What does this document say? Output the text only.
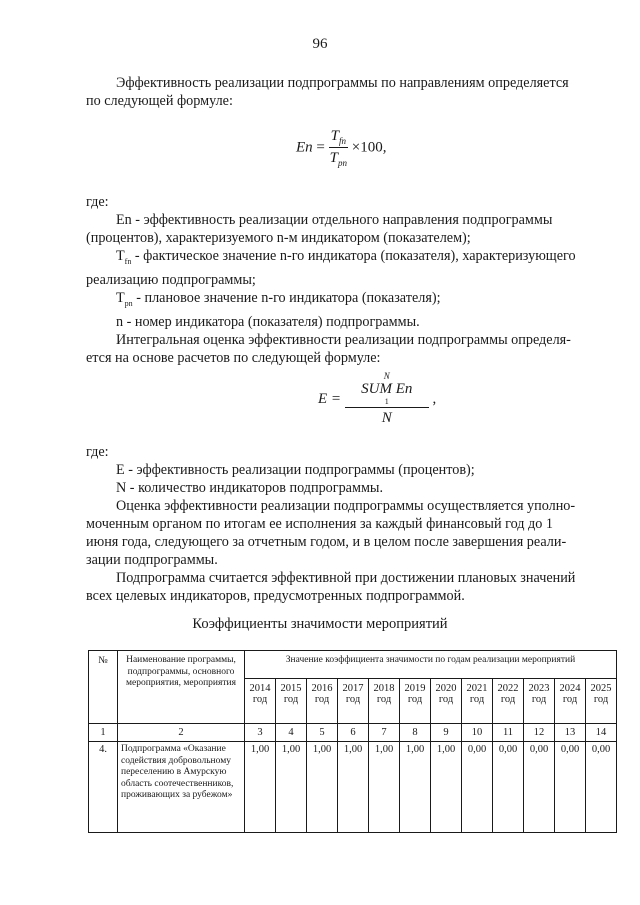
96
Эффективность реализации подпрограммы по направлениям определяется
по следующей формуле:
$En = \frac{T_{fn}}{T_{pn}} \times 100$,
где:
En - эффективность реализации отдельного направления подпрограммы
(процентов), характеризуемого n-м индикатором (показателем);
$T_{fn}$ - фактическое значение n-го индикатора (показателя), характеризующего
реализацию подпрограммы;
$T_{pn}$ - плановое значение n-го индикатора (показателя);
n - номер индикатора (показателя) подпрограммы.
Интегральная оценка эффективности реализации подпрограммы определя-
ется на основе расчетов по следующей формуле:
E = N
SUM En
1
N ,
где:
E - эффективность реализации подпрограммы (процентов);
N - количество индикаторов подпрограммы.
Оценка эффективности реализации подпрограммы осуществляется уполно-
моченным органом по итогам ее исполнения за каждый финансовый год до 1
июня года, следующего за отчетным годом, и в целом после завершения реали-
зации подпрограммы.
Подпрограмма считается эффективной при достижении плановых значений
всех целевых индикаторов, предусмотренных подпрограммой.
Коэффициенты значимости мероприятий
№	Наименование программы, подпрограммы, основного мероприятия, мероприятия	Значение коэффициента значимости по годам реализации мероприятий											
		2014 год	2015 год	2016 год	2017 год	2018 год	2019 год	2020 год	2021 год	2022 год	2023 год	2024 год	2025 год
1	2	3	4	5	6	7	8	9	10	11	12	13	14
4.	Подпрограмма «Оказание содействия добровольному переселению в Амурскую область соотечественников, проживающих за рубежом»	1,00	1,00	1,00	1,00	1,00	1,00	1,00	0,00	0,00	0,00	0,00	0,00
